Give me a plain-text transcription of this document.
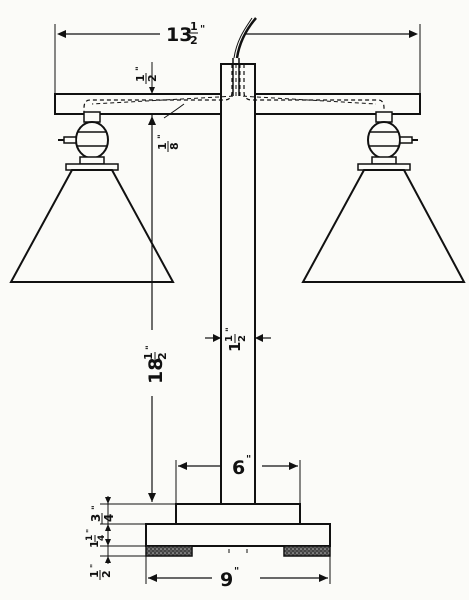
13
1
2
"
1 2
"
1 8
"
18
1 2
"	1
1 2
"
6 "
3 4
"
1
1 4
"
1 2
"
9 "
